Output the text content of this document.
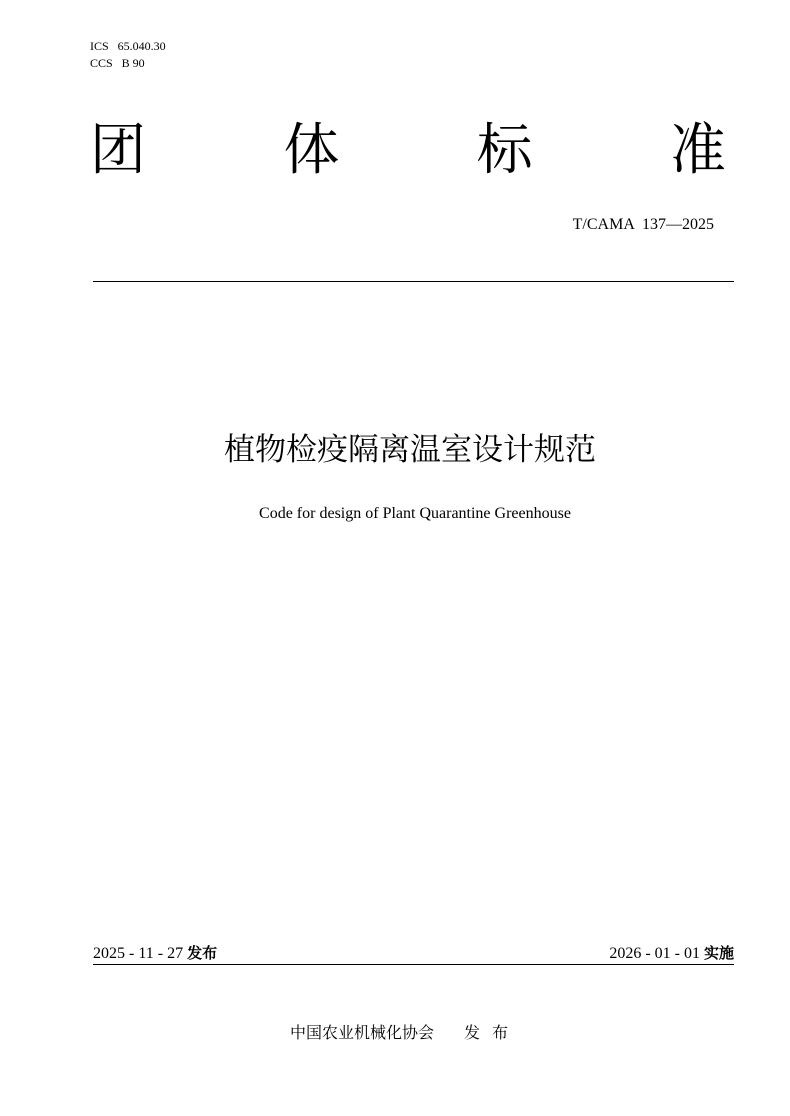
ICS   65.040.30
CCS   B 90
团 体 标 准
T/CAMA  137—2025
植物检疫隔离温室设计规范
Code for design of Plant Quarantine Greenhouse
2025 - 11 - 27 发布	2026 - 01 - 01 实施
中国农业机械化协会 发布
